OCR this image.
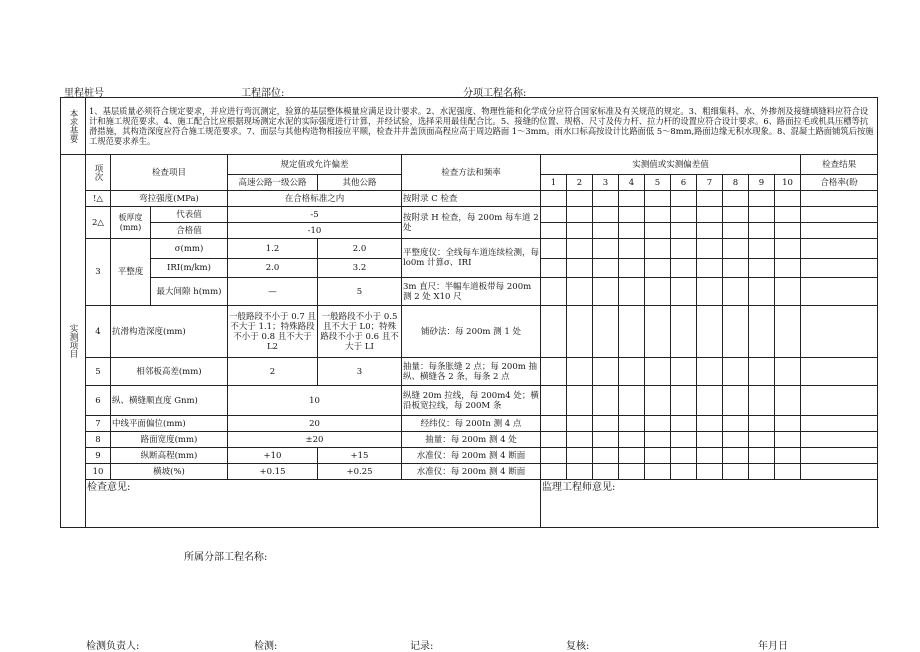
里程桩号	工程部位:	分项工程名称:
本求基要	1、基层质量必须符合规定要求，并应进行弯沉测定，验算的基层整体模量应满足设计要求。2、水泥强度、物理性能和化学成分应符合国家标准及有关规范的规定。3、粗细集料、水、外掺剂及接缝填缝料应符合设计和施工规范要求。4、施工配合比应根据现场测定水泥的实际强度进行计算，并经试验，选择采用最佳配合比。5、接缝的位置、规格、尺寸及传力杆、拉力杆的设置应符合设计要求。6、路面拉毛或机具压槽等抗滑措施，其构造深度应符合施工规范要求。7、面层与其他构造物相接应平顺，检查井井盖顶面高程应高于周边路面 1～3mm。雨水口标高按设计比路面低 5～8mm,路面边缘无积水现象。8、混凝土路面铺筑后按施工规范要求养生。																
实测项目	项次	检查项目		规定值或允许偏差		检查方法和频率	实测值或实测偏差值										检查结果
				高速公路一级公路	其他公路		1	2	3	4	5	6	7	8	9	10	合格率(盼
	!△	弯拉强度(MPa)		在合格标准之内		按附录 C 检查											
	2△	板厚度(mm)	代表值	-5		按附录 H 检查，每 200m 每车道 2 处											
			合格值	-10													
	3	平整度	σ(mm)	1.2	2.0	平整度仪：全线每车道连续检测，每 lo0m 计算σ、IRI											
			IRI(m/km)	2.0	3.2												
			最大间隙 h(mm)	—	5	3m 直尺：半幅车道板带每 200m 测 2 处 X10 尺											
	4	抗滑构造深度(mm)		一般路段不小于 0.7 且不大于 1.1；特殊路段不小于 0.8 且不大于 L2	一般路段不小于 0.5 且不大于 L0；特殊路段不小于 0.6 且不大于 LI	铺砂法：每 200m 测 1 处											
	5	相邻板高差(mm)		2	3	抽量：每条胀缝 2 点；每 200m 抽纵、横缝各 2 条，每条 2 点											
	6	纵、横缝顺直度 Gnm)		10		纵缝 20m 拉线，每 200m4 处；横沿板宽拉线，每 200M 条											
	7	中线平面偏位(mm)		20		经纬仪：每 200In 测 4 点											
	8	路面宽度(mm)		±20		抽量：每 200m 测 4 处											
	9	纵断高程(mm)		+10	+15	水准仪：每 200m 测 4 断面											
	10	横坡(%)		+0.15	+0.25	水准仪：每 200m 测 4 断面											
	检查意见:						监理工程师意见:										
所属分部工程名称:
检测负责人:	检测:	记录:	复核:	年月日
